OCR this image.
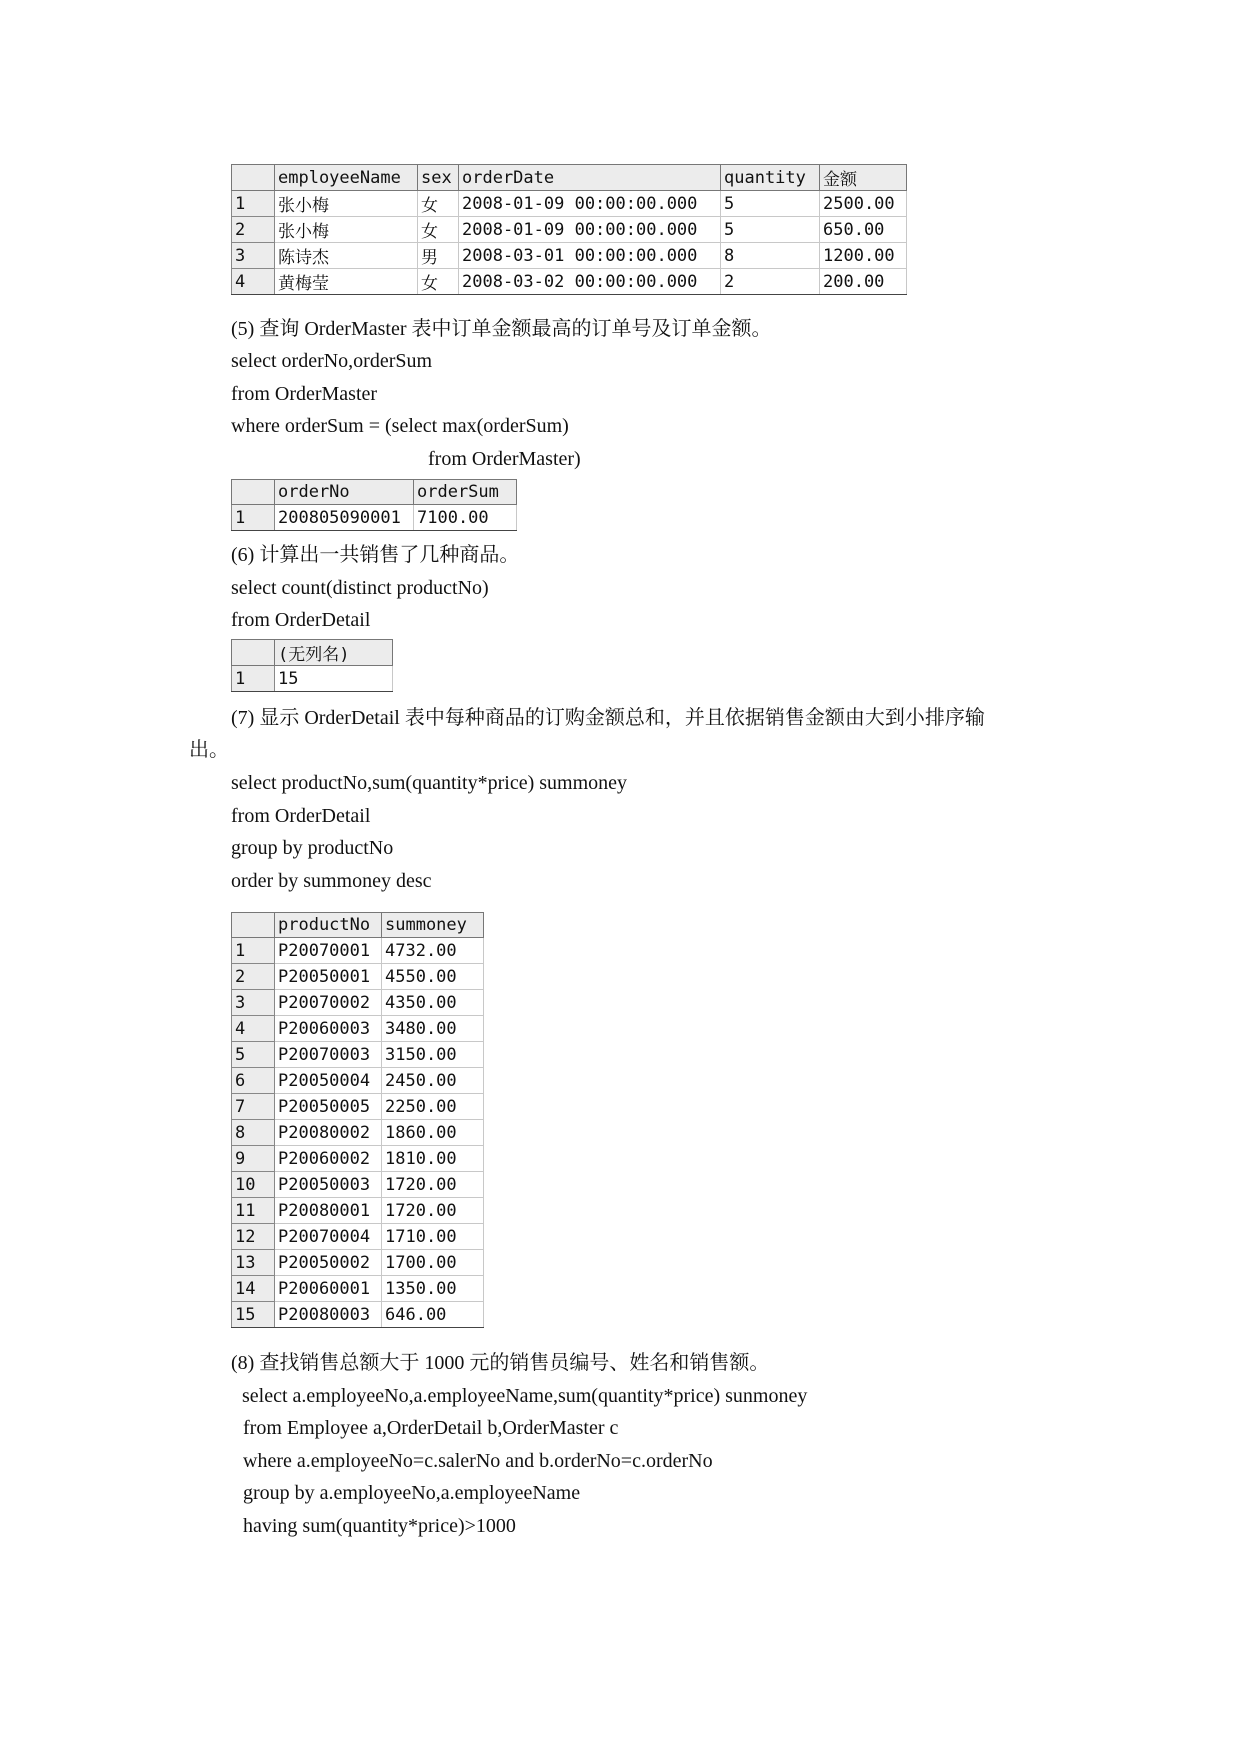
	employeeName	sex	orderDate	quantity	金额
1	张小梅	女	2008-01-09 00:00:00.000	5	2500.00
2	张小梅	女	2008-01-09 00:00:00.000	5	650.00
3	陈诗杰	男	2008-03-01 00:00:00.000	8	1200.00
4	黄梅莹	女	2008-03-02 00:00:00.000	2	200.00
(5) 查询 OrderMaster 表中订单金额最高的订单号及订单金额。
select orderNo,orderSum
from OrderMaster
where orderSum = (select max(orderSum)
from OrderMaster)
	orderNo	orderSum
1	200805090001	7100.00
(6) 计算出一共销售了几种商品。
select count(distinct productNo)
from OrderDetail
	(无列名)
1	15
(7) 显示 OrderDetail 表中每种商品的订购金额总和，并且依据销售金额由大到小排序输
出。
select productNo,sum(quantity*price) summoney
from OrderDetail
group by productNo
order by summoney desc
	productNo	summoney
1	P20070001	4732.00
2	P20050001	4550.00
3	P20070002	4350.00
4	P20060003	3480.00
5	P20070003	3150.00
6	P20050004	2450.00
7	P20050005	2250.00
8	P20080002	1860.00
9	P20060002	1810.00
10	P20050003	1720.00
11	P20080001	1720.00
12	P20070004	1710.00
13	P20050002	1700.00
14	P20060001	1350.00
15	P20080003	646.00
(8) 查找销售总额大于 1000 元的销售员编号、姓名和销售额。
select a.employeeNo,a.employeeName,sum(quantity*price) sunmoney
from Employee a,OrderDetail b,OrderMaster c
where a.employeeNo=c.salerNo and b.orderNo=c.orderNo
group by a.employeeNo,a.employeeName
having sum(quantity*price)>1000
